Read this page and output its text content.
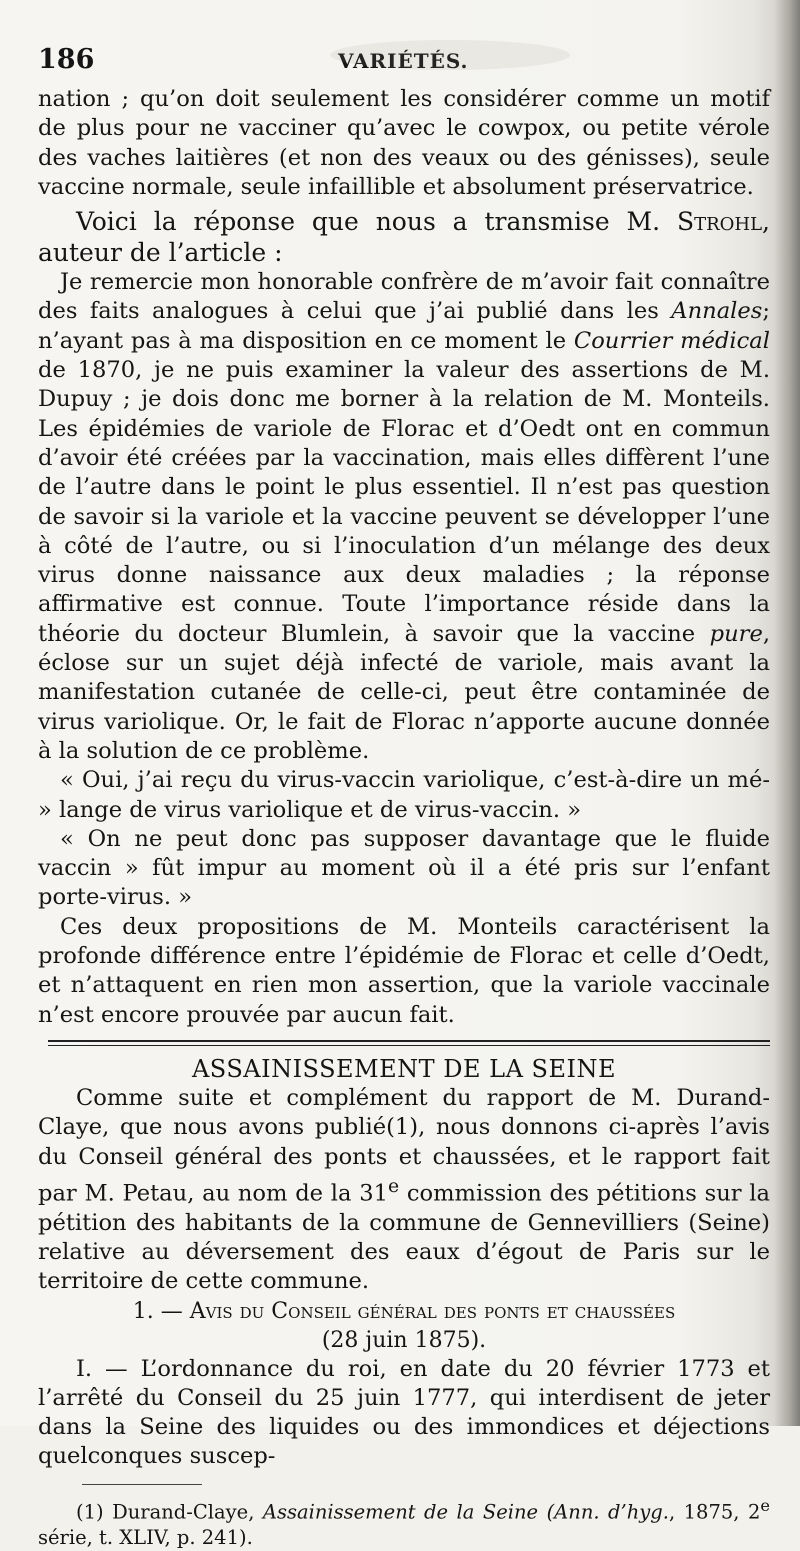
186	VARIÉTÉS.

nation ; qu’on doit seulement les considérer comme un motif de plus pour ne vacciner qu’avec le cowpox, ou petite vérole des vaches laitières (et non des veaux ou des génisses), seule vaccine normale, seule infaillible et absolument préservatrice.

Voici la réponse que nous a transmise M. Strohl, auteur de l’article :

Je remercie mon honorable confrère de m’avoir fait connaître des faits analogues à celui que j’ai publié dans les Annales; n’ayant pas à ma disposition en ce moment le Courrier médical de 1870, je ne puis examiner la valeur des assertions de M. Dupuy ; je dois donc me borner à la relation de M. Monteils. Les épidémies de variole de Florac et d’Oedt ont en commun d’avoir été créées par la vaccination, mais elles diffèrent l’une de l’autre dans le point le plus essentiel. Il n’est pas question de savoir si la variole et la vaccine peuvent se développer l’une à côté de l’autre, ou si l’inoculation d’un mélange des deux virus donne naissance aux deux maladies ; la réponse affirmative est connue. Toute l’importance réside dans la théorie du docteur Blumlein, à savoir que la vaccine pure, éclose sur un sujet déjà infecté de variole, mais avant la manifestation cutanée de celle-ci, peut être contaminée de virus variolique. Or, le fait de Florac n’apporte aucune donnée à la solution de ce problème.

« Oui, j’ai reçu du virus-vaccin variolique, c’est-à-dire un mé- » lange de virus variolique et de virus-vaccin. »

« On ne peut donc pas supposer davantage que le fluide vaccin » fût impur au moment où il a été pris sur l’enfant porte-virus. »

Ces deux propositions de M. Monteils caractérisent la profonde différence entre l’épidémie de Florac et celle d’Oedt, et n’attaquent en rien mon assertion, que la variole vaccinale n’est encore prouvée par aucun fait.

ASSAINISSEMENT DE LA SEINE

Comme suite et complément du rapport de M. Durand-Claye, que nous avons publié(1), nous donnons ci-après l’avis du Conseil général des ponts et chaussées, et le rapport fait par M. Petau, au nom de la 31e commission des pétitions sur la pétition des habitants de la commune de Gennevilliers (Seine) relative au déversement des eaux d’égout de Paris sur le territoire de cette commune.

1. — Avis du Conseil général des ponts et chaussées

(28 juin 1875).

I. — L’ordonnance du roi, en date du 20 février 1773 et l’arrêté du Conseil du 25 juin 1777, qui interdisent de jeter dans la Seine des liquides ou des immondices et déjections quelconques suscep-

(1) Durand-Claye, Assainissement de la Seine (Ann. d’hyg., 1875, 2e série, t. XLIV, p. 241).
